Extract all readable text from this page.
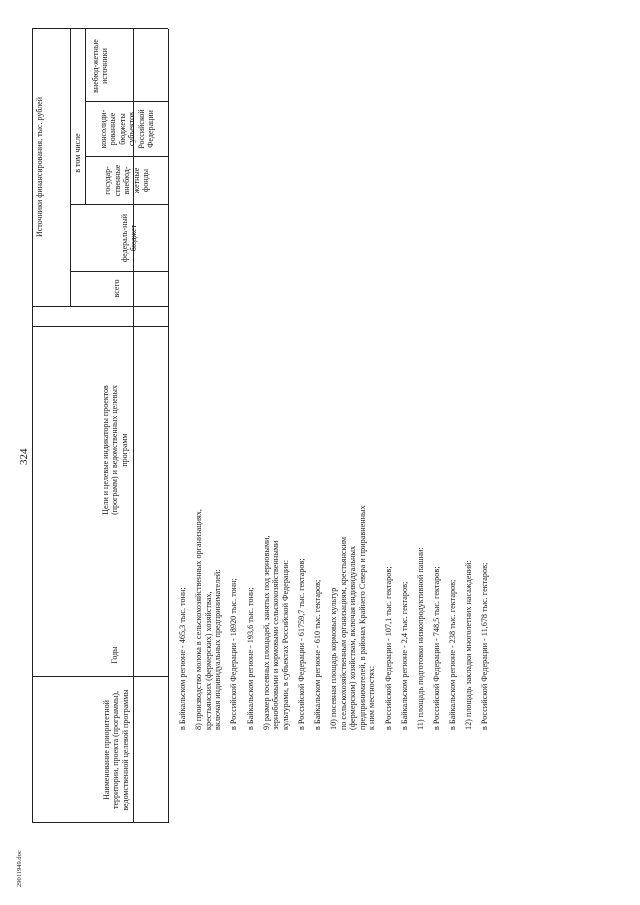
324
29011949.doc
Наименование приоритетной территории, проекта (программы), ведомственной целевой программы
Годы
Цели и целевые индикаторы проектов (программ) и ведомственных целевых программ
Источники финансирования, тыс. рублей
всего
в том числе
федераль-ный бюджет
государ-ственные внебюд-жетные фонды
консолиди-рованные бюджеты субъектов Российской Федерации
внебюд-жетные источники
в Байкальском регионе - 465,3 тыс. тонн; 8) производство молока в сельскохозяйственных организациях, крестьянских (фермерских) хозяйствах, включая индивидуальных предпринимателей: в Российской Федерации - 18920 тыс. тонн; в Байкальском регионе - 193,6 тыс. тонн; 9) размер посевных площадей, занятых под зерновыми, зернобобовыми и кормовыми сельскохозяйственными культурами, в субъектах Российской Федерации: в Российской Федерации - 61759,7 тыс. гектаров; в Байкальском регионе - 610 тыс. гектаров; 10) посевная площадь кормовых культур по сельскохозяйственным организациям, крестьянским (фермерским) хозяйствам, включая индивидуальных предпринимателей, в районах Крайнего Севера и приравненных к ним местностях: в Российской Федерации - 107,1 тыс. гектаров; в Байкальском регионе - 2,4 тыс. гектаров; 11) площадь подготовки низкопродуктивной пашни: в Российской Федерации - 748,5 тыс. гектаров; в Байкальском регионе - 238 тыс. гектаров; 12) площадь закладки многолетних насаждений: в Российской Федерации - 11,678 тыс. гектаров;
